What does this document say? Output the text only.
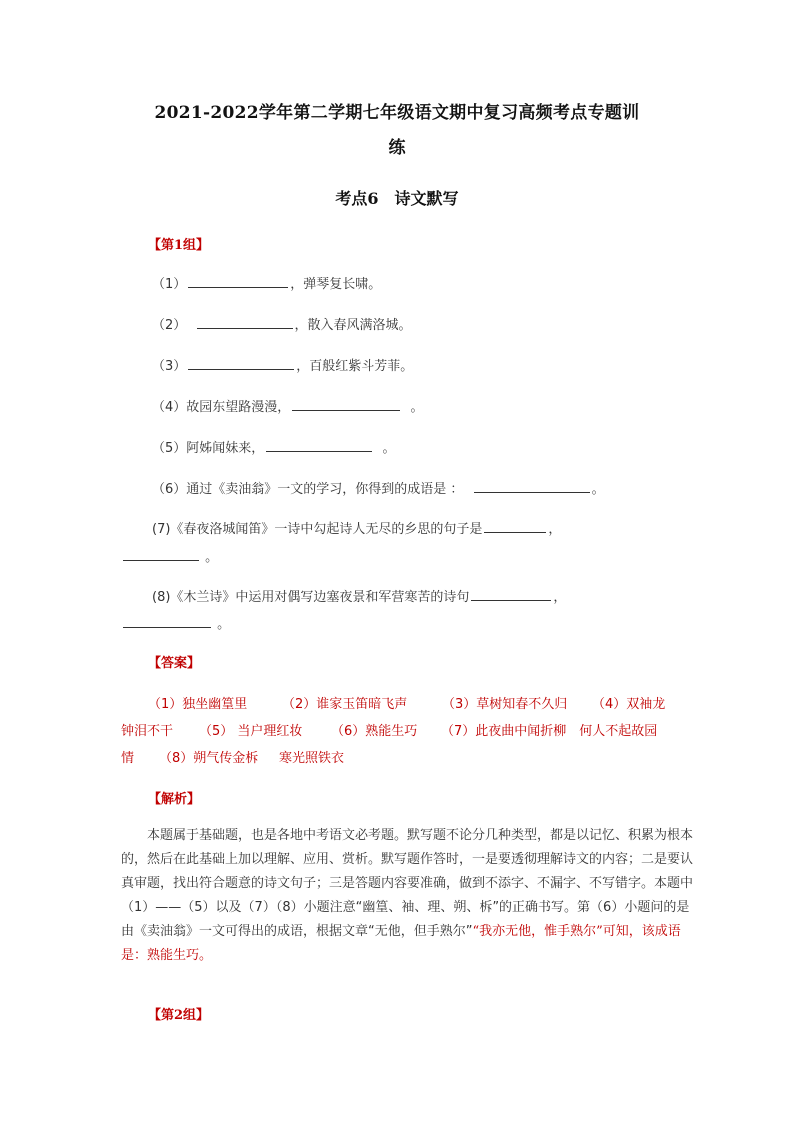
2021-2022学年第二学期七年级语文期中复习高频考点专题训
练
考点6　诗文默写
【第1组】
（1）	，弹琴复长啸。
（2）	，散入春风满洛城。
（3）	，百般红紫斗芳菲。
（4）故园东望路漫漫，	。
（5）阿姊闻妹来，	。
（6）通过《卖油翁》一文的学习，你得到的成语是 ：	。
(7)《春夜洛城闻笛》一诗中勾起诗人无尽的乡思的句子是	，
。
(8)《木兰诗》中运用对偶写边塞夜景和军营寒苦的诗句	，
。
【答案】
（1）独坐幽篁里	（2）谁家玉笛暗飞声	（3）草树知春不久归 （4）双袖龙
钟泪不干 （5） 当户理红妆 （6）熟能生巧 （7）此夜曲中闻折柳　何人不起故园
情 （8）朔气传金柝 寒光照铁衣
【解析】
本题属于基础题，也是各地中考语文必考题。默写题不论分几种类型，都是以记忆、积累为根本的，然后在此基础上加以理解、应用、赏析。默写题作答时，一是要透彻理解诗文的内容；二是要认真审题，找出符合题意的诗文句子；三是答题内容要准确，做到不添字、不漏字、不写错字。本题中（1）——（5）以及（7）（8）小题注意“幽篁、袖、理、朔、柝”的正确书写。第（6）小题问的是由《卖油翁》一文可得出的成语，根据文章“无他，但手熟尔”“我亦无他，惟手熟尔”可知，该成语是：熟能生巧。
【第2组】
